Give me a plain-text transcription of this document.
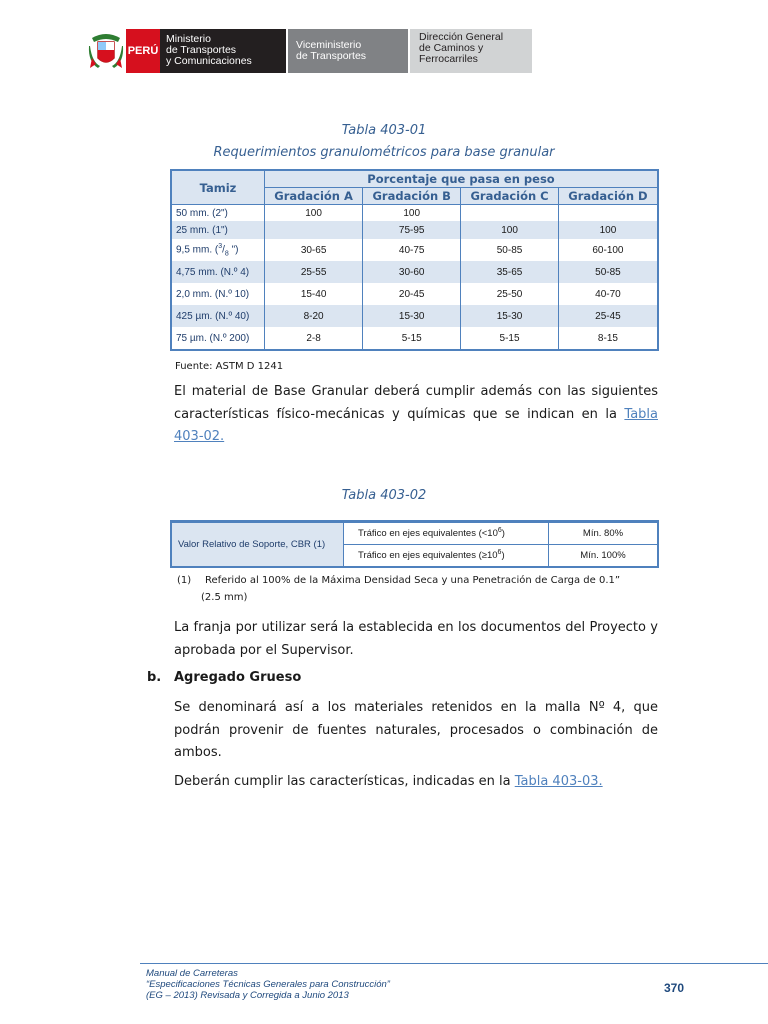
PERÚ
Ministerio
de Transportes
y Comunicaciones
Viceministerio
de Transportes
Dirección General
de Caminos y
Ferrocarriles
Tabla 403-01
Requerimientos granulométricos para base granular
Tamiz	Porcentaje que pasa en peso			
	Gradación A	Gradación B	Gradación C	Gradación D
50 mm. (2")	100	100		
25 mm. (1")		75-95	100	100
9,5 mm. ($^3/_8$ ")	30-65	40-75	50-85	60-100
4,75 mm. (N.º 4)	25-55	30-60	35-65	50-85
2,0 mm. (N.º 10)	15-40	20-45	25-50	40-70
425 µm. (N.º 40)	8-20	15-30	15-30	25-45
75 µm. (N.º 200)	2-8	5-15	5-15	8-15
Fuente: ASTM D 1241
El material de Base Granular deberá cumplir además con las siguientes características físico-mecánicas y químicas que se indican en la Tabla 403-02.
Tabla 403-02
Valor Relativo de Soporte, CBR (1)	Tráfico en ejes equivalentes $(<10^6)$	Mín. 80%
	Tráfico en ejes equivalentes $(\ge 10^6)$	Mín. 100%
(1) Referido al 100% de la Máxima Densidad Seca y una Penetración de Carga de 0.1”
(2.5 mm)
La franja por utilizar será la establecida en los documentos del Proyecto y aprobada por el Supervisor.
b. Agregado Grueso
Se denominará así a los materiales retenidos en la malla Nº 4, que podrán provenir de fuentes naturales, procesados o combinación de ambos.
Deberán cumplir las características, indicadas en la Tabla 403-03.
Manual de Carreteras
“Especificaciones Técnicas Generales para Construcción”
(EG – 2013) Revisada y Corregida a Junio 2013
370
